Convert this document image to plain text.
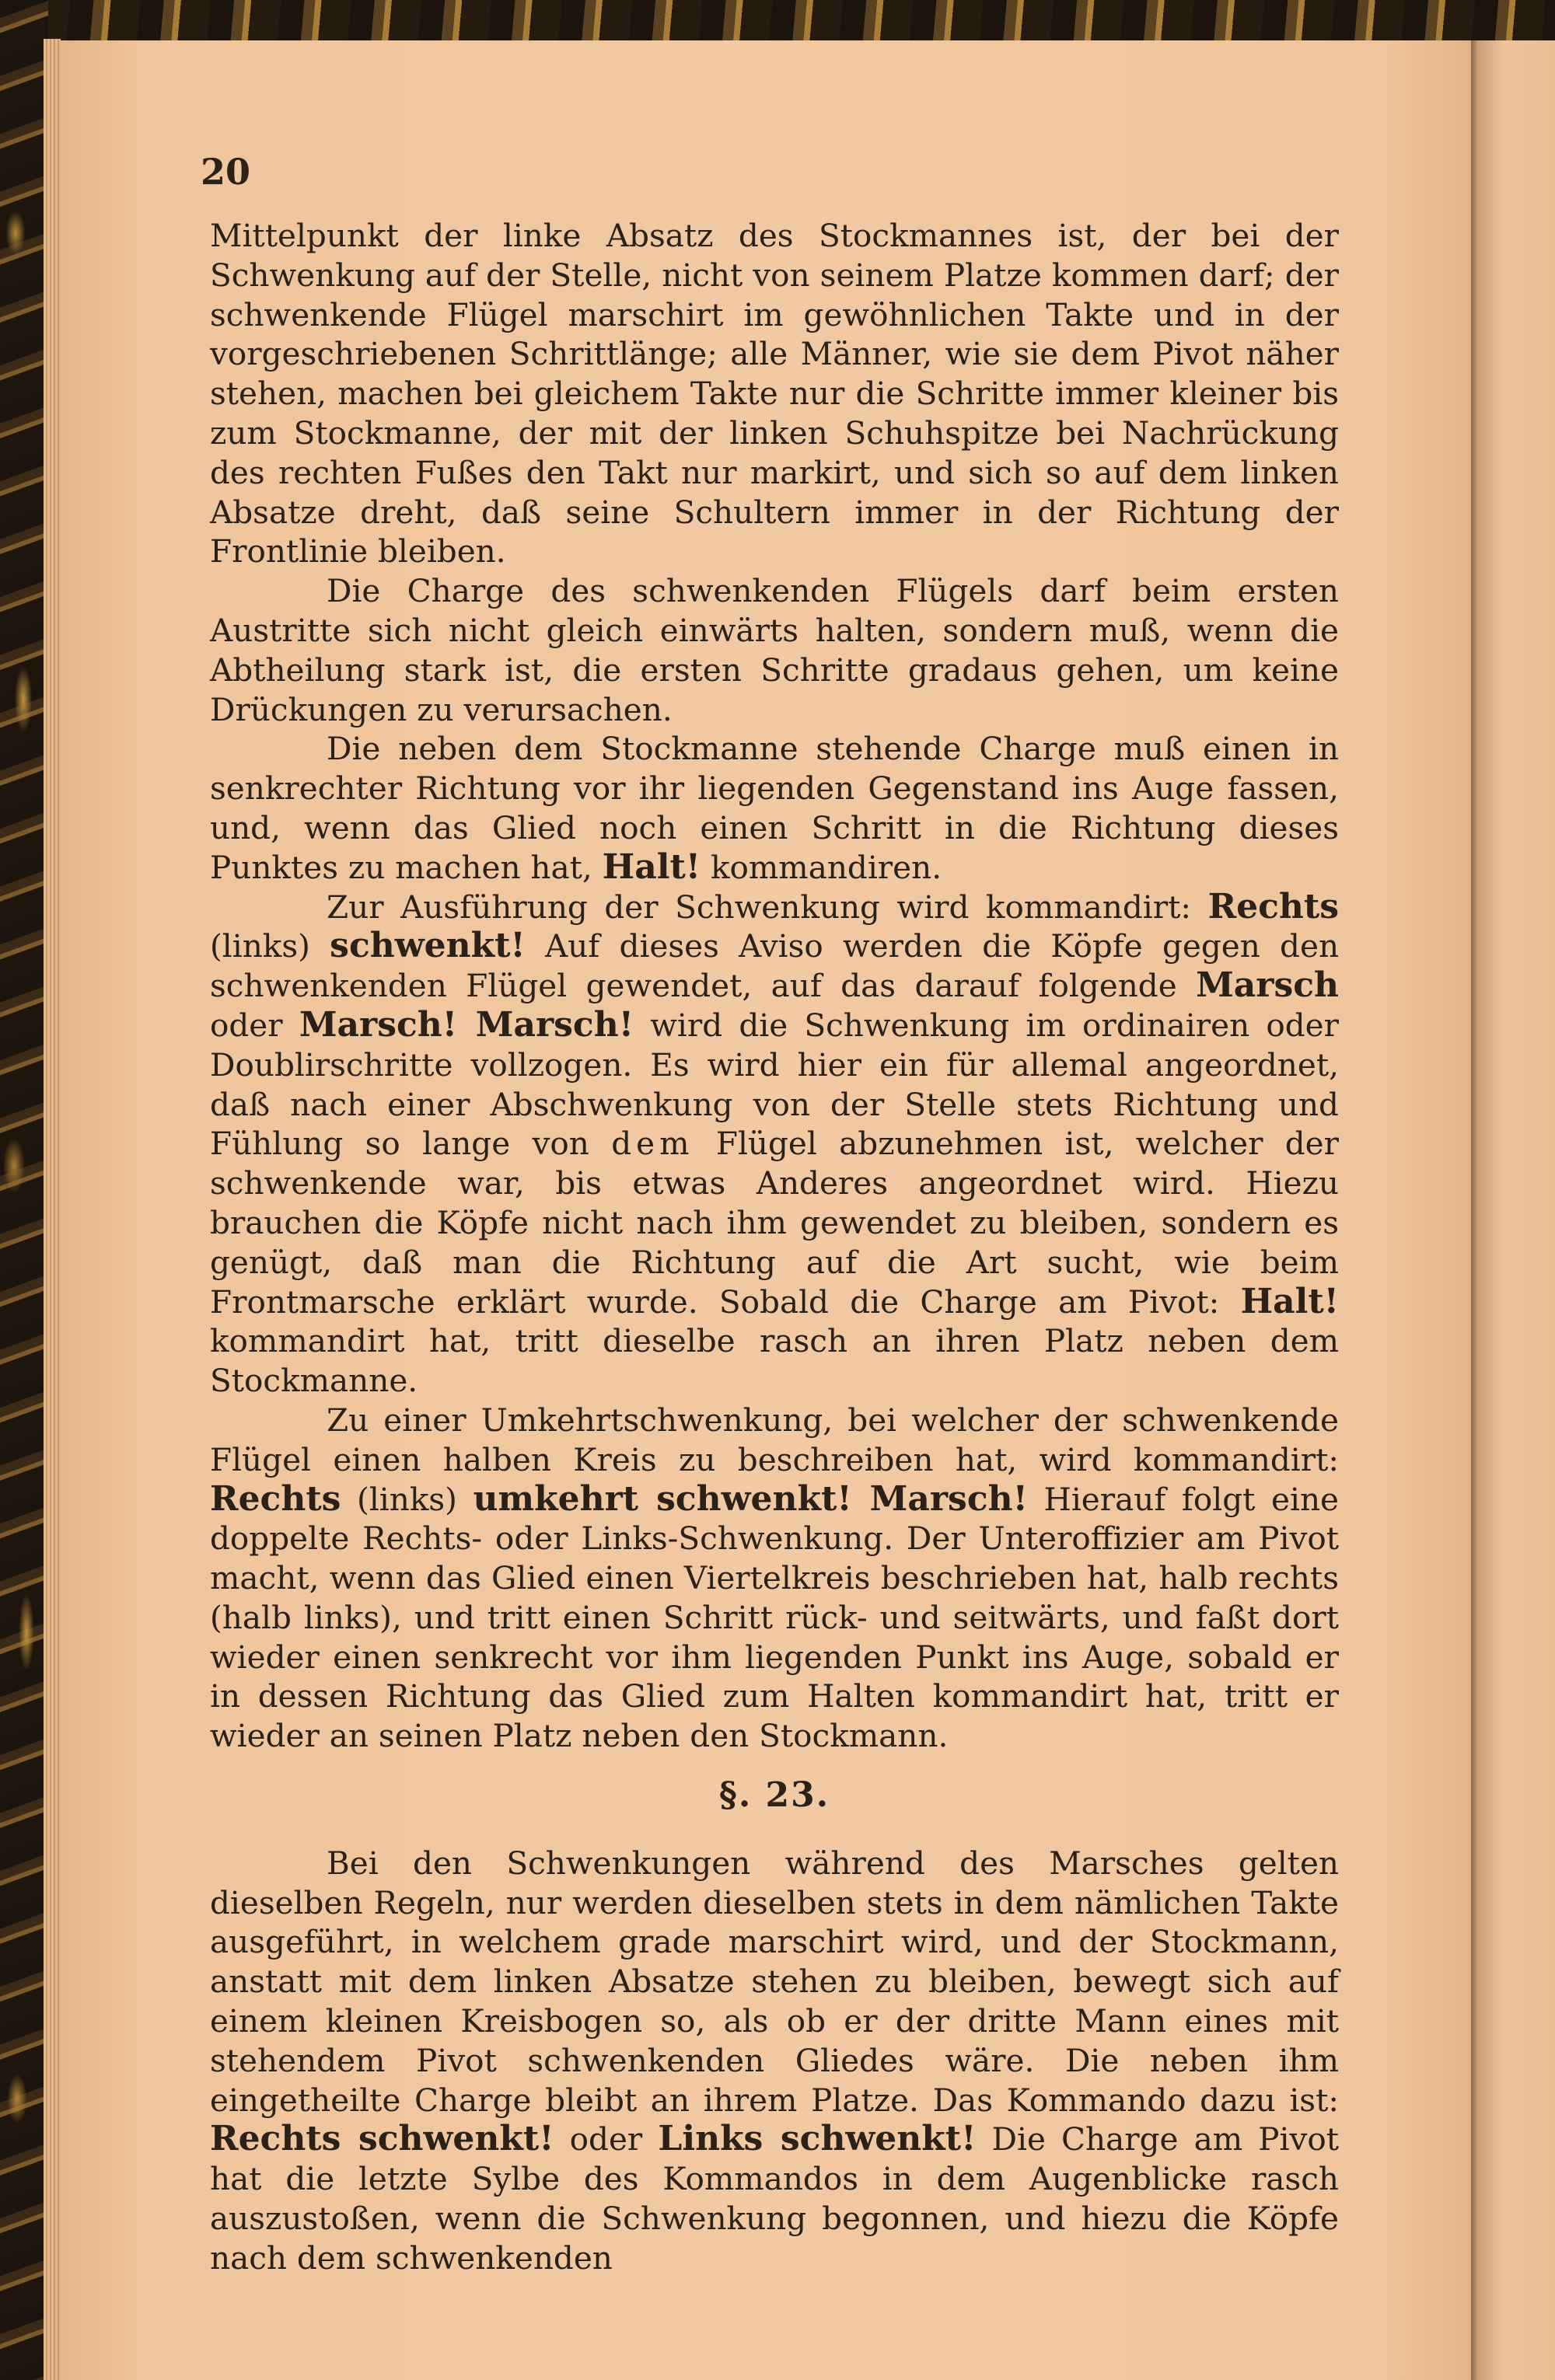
20

Mittelpunkt der linke Absatz des Stockmannes ist, der bei der Schwenkung auf der Stelle, nicht von seinem Platze kommen darf; der schwenkende Flügel marschirt im gewöhnlichen Takte und in der vorgeschriebenen Schrittlänge; alle Männer, wie sie dem Pivot näher stehen, machen bei gleichem Takte nur die Schritte immer kleiner bis zum Stockmanne, der mit der linken Schuhspitze bei Nachrückung des rechten Fußes den Takt nur markirt, und sich so auf dem linken Absatze dreht, daß seine Schultern immer in der Richtung der Frontlinie bleiben.

Die Charge des schwenkenden Flügels darf beim ersten Austritte sich nicht gleich einwärts halten, sondern muß, wenn die Abtheilung stark ist, die ersten Schritte gradaus gehen, um keine Drückungen zu verursachen.

Die neben dem Stockmanne stehende Charge muß einen in senkrechter Richtung vor ihr liegenden Gegenstand ins Auge fassen, und, wenn das Glied noch einen Schritt in die Richtung dieses Punktes zu machen hat, Halt! kommandiren.

Zur Ausführung der Schwenkung wird kommandirt: Rechts (links) schwenkt! Auf dieses Aviso werden die Köpfe gegen den schwenkenden Flügel gewendet, auf das darauf folgende Marsch oder Marsch! Marsch! wird die Schwenkung im ordinairen oder Doublirschritte vollzogen. Es wird hier ein für allemal angeordnet, daß nach einer Abschwenkung von der Stelle stets Richtung und Fühlung so lange von dem Flügel abzunehmen ist, welcher der schwenkende war, bis etwas Anderes angeordnet wird. Hiezu brauchen die Köpfe nicht nach ihm gewendet zu bleiben, sondern es genügt, daß man die Richtung auf die Art sucht, wie beim Frontmarsche erklärt wurde. Sobald die Charge am Pivot: Halt! kommandirt hat, tritt dieselbe rasch an ihren Platz neben dem Stockmanne.

Zu einer Umkehrtschwenkung, bei welcher der schwenkende Flügel einen halben Kreis zu beschreiben hat, wird kommandirt: Rechts (links) umkehrt schwenkt! Marsch! Hierauf folgt eine doppelte Rechts- oder Links-Schwenkung. Der Unteroffizier am Pivot macht, wenn das Glied einen Viertelkreis beschrieben hat, halb rechts (halb links), und tritt einen Schritt rück- und seitwärts, und faßt dort wieder einen senkrecht vor ihm liegenden Punkt ins Auge, sobald er in dessen Richtung das Glied zum Halten kommandirt hat, tritt er wieder an seinen Platz neben den Stockmann.

§. 23.

Bei den Schwenkungen während des Marsches gelten dieselben Regeln, nur werden dieselben stets in dem nämlichen Takte ausgeführt, in welchem grade marschirt wird, und der Stockmann, anstatt mit dem linken Absatze stehen zu bleiben, bewegt sich auf einem kleinen Kreisbogen so, als ob er der dritte Mann eines mit stehendem Pivot schwenkenden Gliedes wäre. Die neben ihm eingetheilte Charge bleibt an ihrem Platze. Das Kommando dazu ist: Rechts schwenkt! oder Links schwenkt! Die Charge am Pivot hat die letzte Sylbe des Kommandos in dem Augenblicke rasch auszustoßen, wenn die Schwenkung begonnen, und hiezu die Köpfe nach dem schwenkenden
